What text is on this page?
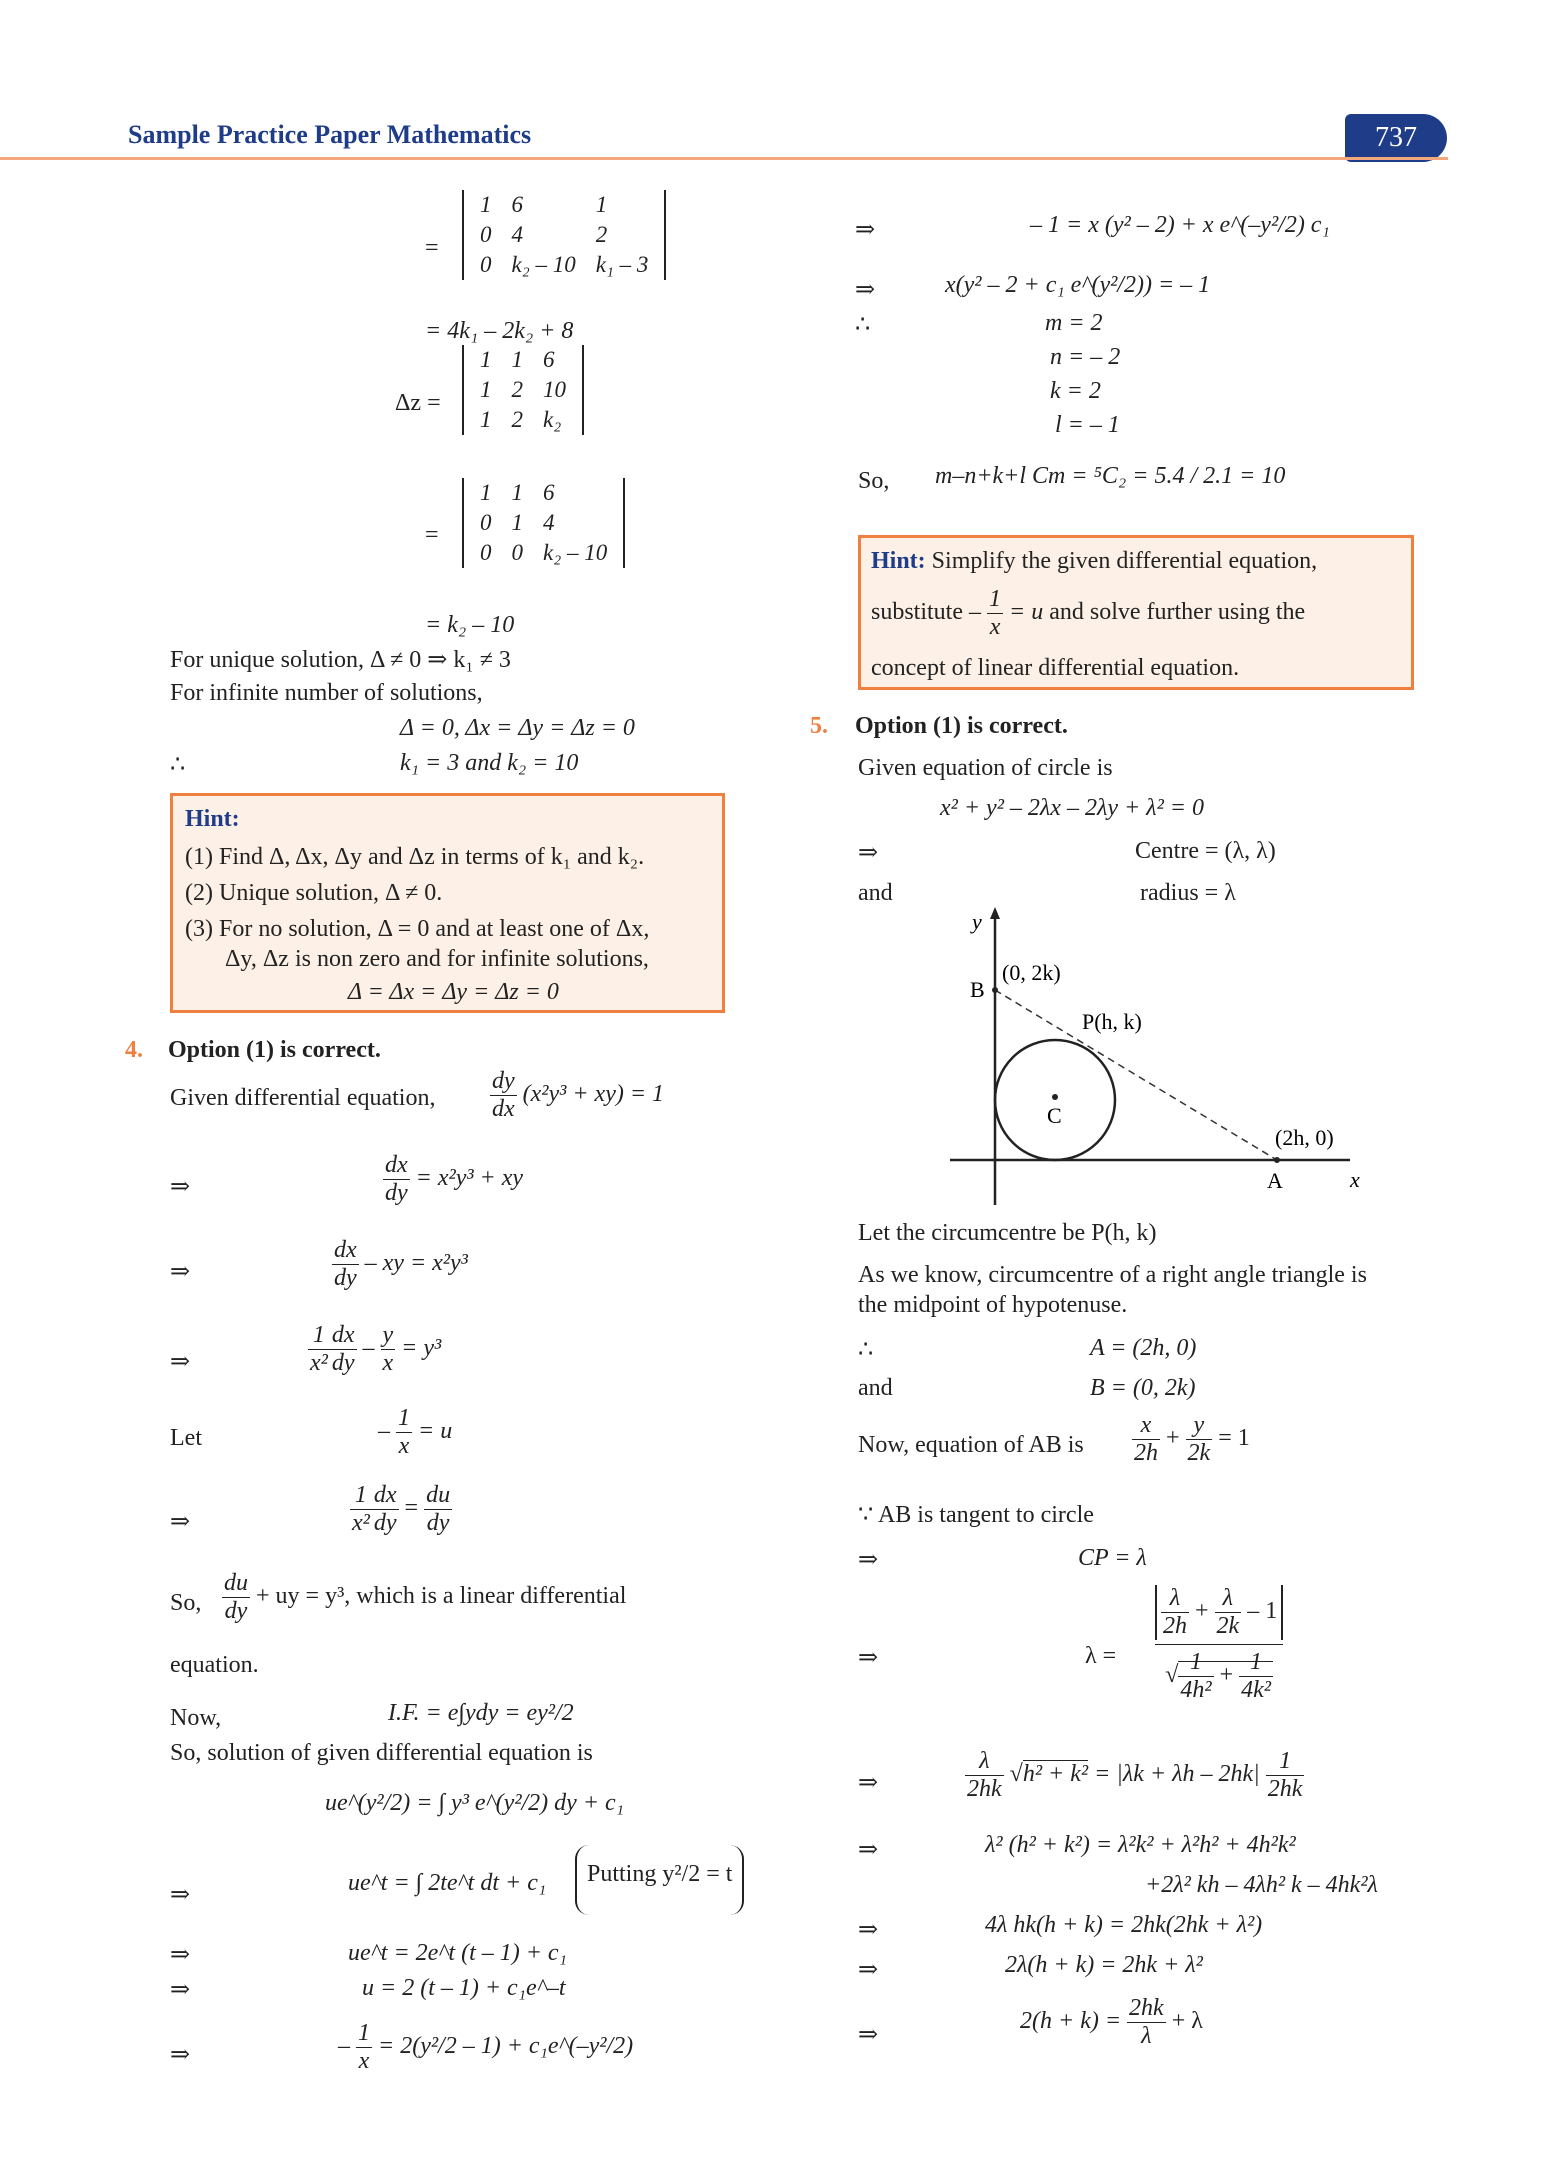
Sample Practice Paper Mathematics	737
=
1	6	1
0	4	2
0	k₂ – 10	k₁ – 3
= 4k₁ – 2k₂ + 8
Δz =
1	1	6
1	2	10
1	2	k₂
=
1	1	6
0	1	4
0	0	k₂ – 10
= k₂ – 10
For unique solution, Δ ≠ 0 ⇒ k₁ ≠ 3
For infinite number of solutions,
Δ = 0, Δx = Δy = Δz = 0
∴	k₁ = 3 and k₂ = 10
Hint:
(1) Find Δ, Δx, Δy and Δz in terms of k₁ and k₂.
(2) Unique solution, Δ ≠ 0.
(3) For no solution, Δ = 0 and at least one of Δx,
Δy, Δz is non zero and for infinite solutions,
Δ = Δx = Δy = Δz = 0
4. Option (1) is correct.
Given differential equation, $\frac{dy}{dx} (x^2y^3 + xy) = 1$
⇒	$\frac{dx}{dy} = x^2y^3$ + xy
⇒	$\frac{dx}{dy}$ – xy = x²y³
⇒	$\frac{1}{\text{x²}} \frac{dx}{dy} - \frac{y}{x} = y^3$
Let	– $\frac{1}{x} = u$
⇒	$\frac{1}{\text{x²}} \frac{dx}{dy} = \frac{du}{dy}$
So, $\frac{du}{dy}$ + uy = y³, which is a linear differential
equation.
Now,	I.F. = e∫ydy = ey²/2
So, solution of given differential equation is
ue^(y²/2) = ∫ y³ e^(y²/2) dy + c₁
⇒	ue^t = ∫ 2te^t dt + c₁	Putting y²/2 = t
⇒	ue^t = 2e^t (t – 1) + c₁
⇒	u = 2 (t – 1) + c₁e^–t
⇒	– $\frac{1}{x} = 2(y^2/2 - 1)$ + c₁e^(–y²/2)
⇒	– 1 = x (y² – 2) + x e^(–y²/2) c₁
⇒	x(y² – 2 + c₁ e^(y²/2)) = – 1
∴	m = 2
n = – 2
k = 2
l = – 1
So, m–n+k+l Cm = ⁵C₂ = 5.4 / 2.1 = 10
Hint: Simplify the given differential equation,
substitute – $\frac{1}{x} = u$ and solve further using the
concept of linear differential equation.
5. Option (1) is correct.
Given equation of circle is
x² + y² – 2λx – 2λy + λ² = 0
⇒	Centre = (λ, λ)
and	radius = λ
y
x
B
(0, 2k)
P(h, k)
C
A
(2h, 0)
Let the circumcentre be P(h, k)
As we know, circumcentre of a right angle triangle is
the midpoint of hypotenuse.
∴	A = (2h, 0)
and	B = (0, 2k)
Now, equation of AB is $\frac{x}{2h} + \frac{y}{2k} = 1$
∵ AB is tangent to circle
⇒	CP = λ
⇒	λ =
$\frac{\lambda}{2h} + \frac{\lambda}{2k} - 1$
√ $\frac{1}{\text{4h²}} + \frac{1}{\text{4k²}}$
⇒	$\frac{\lambda}{2hk} √h^2 + k^2 = |\lambda k + \lambda h - 2hk| \frac{1}{2hk}$
⇒	λ² (h² + k²) = λ²k² + λ²h² + 4h²k²
+2λ² kh – 4λh² k – 4hk²λ
⇒	4λ hk(h + k) = 2hk(2hk + λ²)
⇒	2λ(h + k) = 2hk + λ²
⇒
$2(h + k) = \frac{2hk}{\lambda} + \lambda$
